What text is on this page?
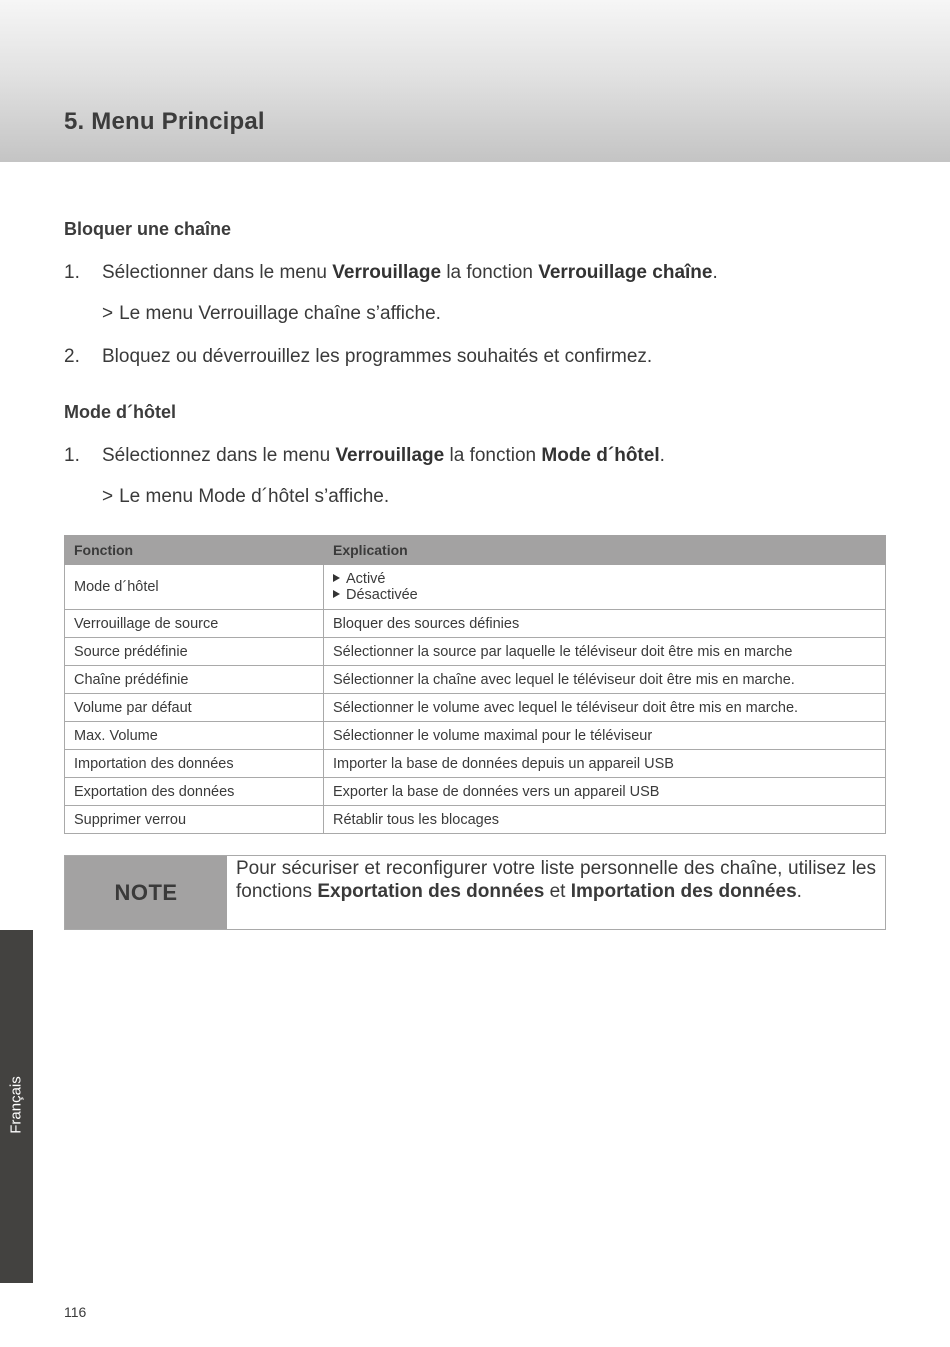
5. Menu Principal
Bloquer une chaîne
1. Sélectionner dans le menu Verrouillage la fonction Verrouillage chaîne.
> Le menu Verrouillage chaîne s’affiche.
2. Bloquez ou déverrouillez les programmes souhaités et confirmez.
Mode d´hôtel
1. Sélectionnez dans le menu Verrouillage la fonction Mode d´hôtel.
> Le menu Mode d´hôtel s’affiche.
Fonction	Explication
Mode d´hôtel	Activé
Désactivée

Verrouillage de source	Bloquer des sources définies
Source prédéfinie	Sélectionner la source par laquelle le téléviseur doit être mis en marche
Chaîne prédéfinie	Sélectionner la chaîne avec lequel le téléviseur doit être mis en marche.
Volume par défaut	Sélectionner le volume avec lequel le téléviseur doit être mis en marche.
Max. Volume	Sélectionner le volume maximal pour le téléviseur
Importation des données	Importer la base de données depuis un appareil USB
Exportation des données	Exporter la base de données vers un appareil USB
Supprimer verrou	Rétablir tous les blocages
NOTE
Pour sécuriser et reconfigurer votre liste personnelle des chaîne, utilisez les fonctions Exportation des données et Importation des données.
Français
116
